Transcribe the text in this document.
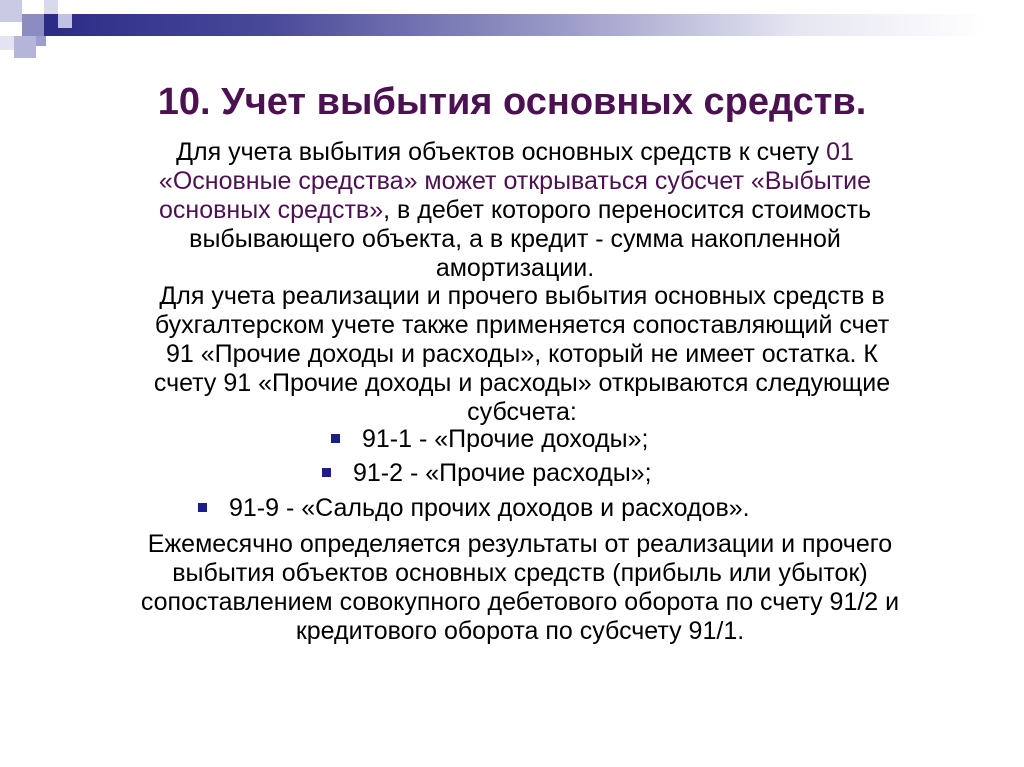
10. Учет выбытия основных средств.

Для учета выбытия объектов основных средств к счету 01
«Основные средства» может открываться субсчет «Выбытие
основных средств», в дебет которого переносится стоимость
выбывающего объекта, а в кредит - сумма накопленной
амортизации.

Для учета реализации и прочего выбытия основных средств в
бухгалтерском учете также применяется сопоставляющий счет
91 «Прочие доходы и расходы», который не имеет остатка. К
счету 91 «Прочие доходы и расходы» открываются следующие
субсчета:

91-1 - «Прочие доходы»;
91-2 - «Прочие расходы»;
91-9 - «Сальдо прочих доходов и расходов».

Ежемесячно определяется результаты от реализации и прочего
выбытия объектов основных средств (прибыль или убыток)
сопоставлением совокупного дебетового оборота по счету 91/2 и
кредитового оборота по субсчету 91/1.
